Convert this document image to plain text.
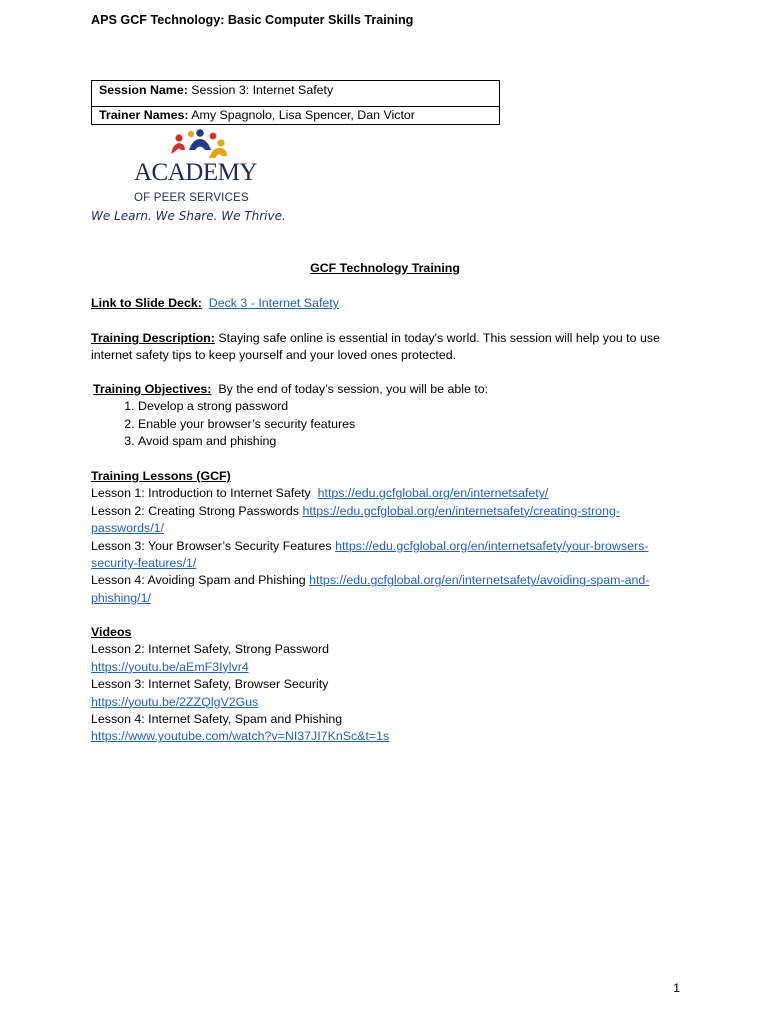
APS GCF Technology: Basic Computer Skills Training
Session Name: Session 3: Internet Safety
Trainer Names: Amy Spagnolo, Lisa Spencer, Dan Victor
ACADEMY
OF PEER SERVICES
We Learn. We Share. We Thrive.
GCF Technology Training
Link to Slide Deck: Deck 3 - Internet Safety
Training Description: Staying safe online is essential in today's world. This session will help you to use
internet safety tips to keep yourself and your loved ones protected.
Training Objectives: By the end of today’s session, you will be able to:
1. Develop a strong password
2. Enable your browser’s security features
3. Avoid spam and phishing
Training Lessons (GCF)
Lesson 1: Introduction to Internet Safety https://edu.gcfglobal.org/en/internetsafety/
Lesson 2: Creating Strong Passwords https://edu.gcfglobal.org/en/internetsafety/creating-strong-
passwords/1/
Lesson 3: Your Browser’s Security Features https://edu.gcfglobal.org/en/internetsafety/your-browsers-
security-features/1/
Lesson 4: Avoiding Spam and Phishing https://edu.gcfglobal.org/en/internetsafety/avoiding-spam-and-
phishing/1/
Videos
Lesson 2: Internet Safety, Strong Password
https://youtu.be/aEmF3Iylvr4
Lesson 3: Internet Safety, Browser Security
https://youtu.be/2ZZQlgV2Gus
Lesson 4: Internet Safety, Spam and Phishing
https://www.youtube.com/watch?v=NI37JI7KnSc&t=1s
1
